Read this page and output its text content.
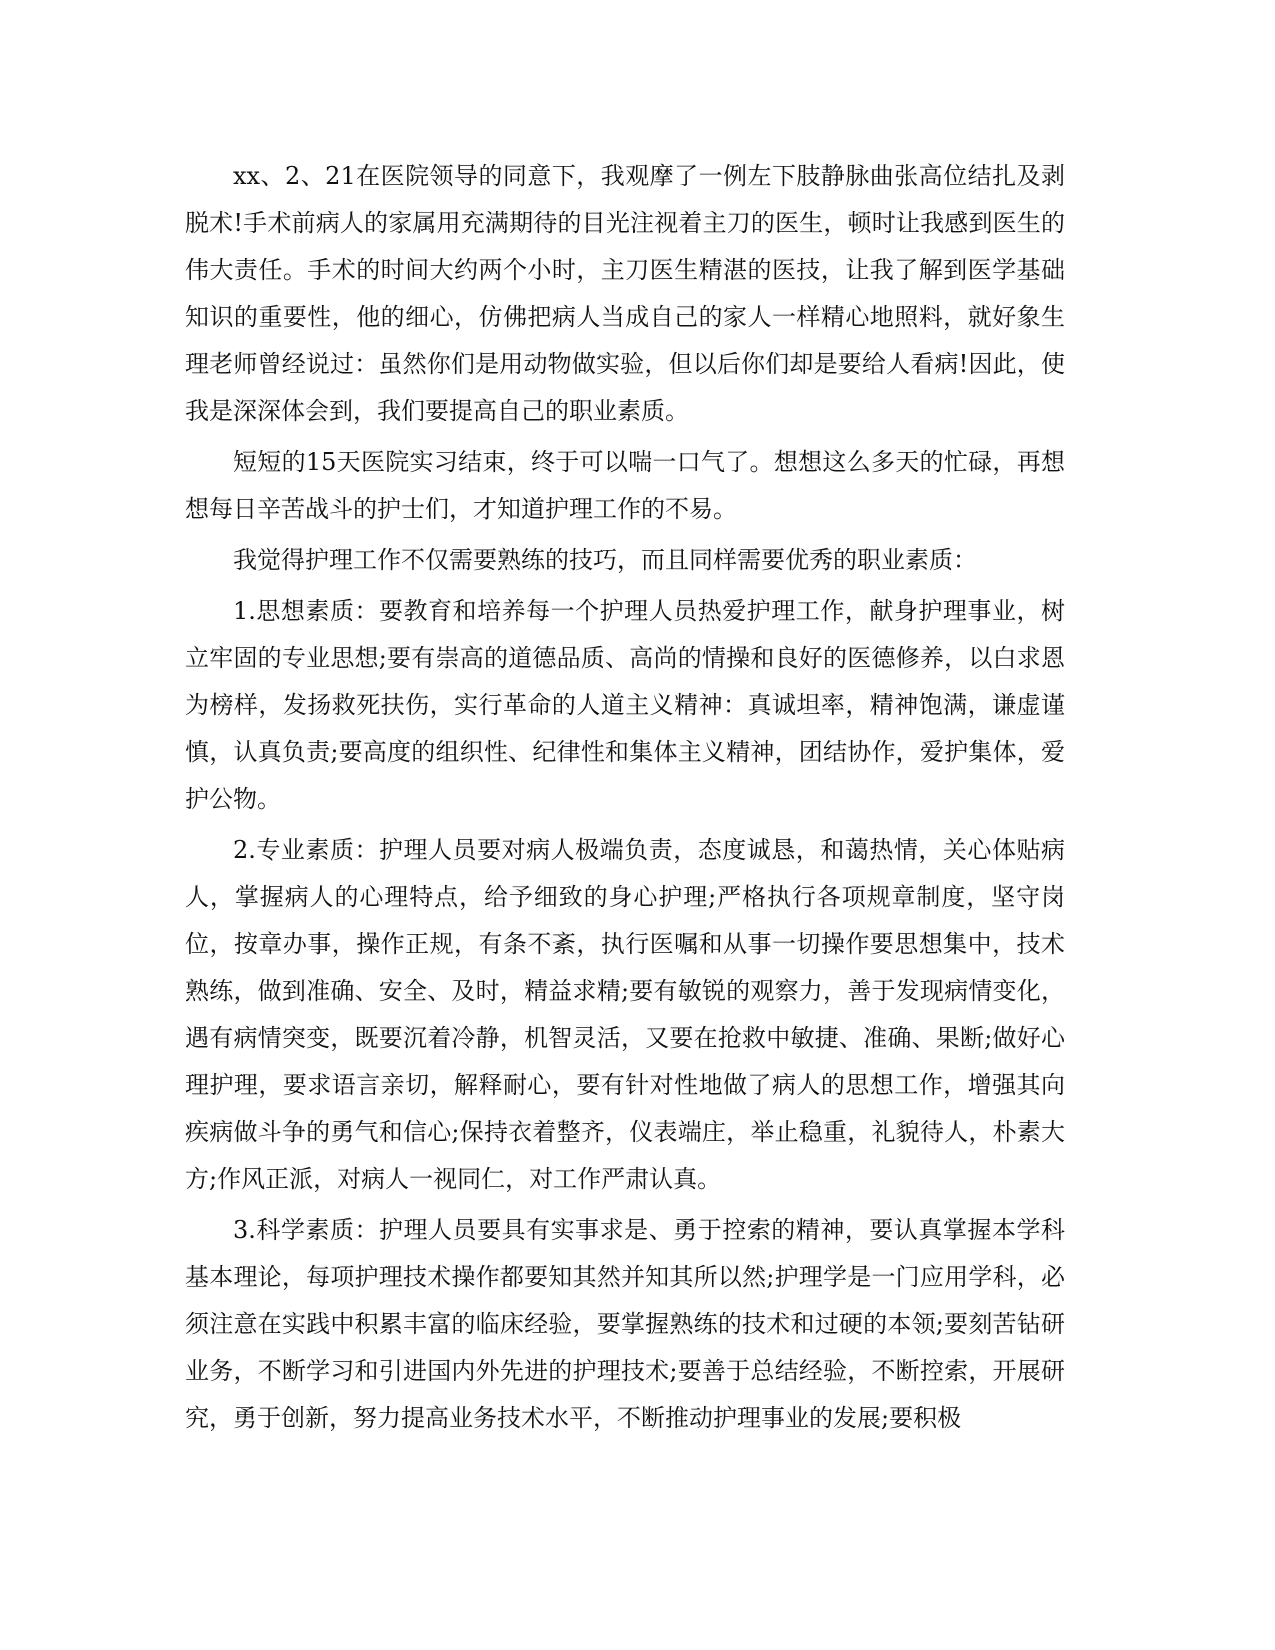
xx、2、21在医院领导的同意下，我观摩了一例左下肢静脉曲张高位结扎及剥脱术!手术前病人的家属用充满期待的目光注视着主刀的医生，顿时让我感到医生的伟大责任。手术的时间大约两个小时，主刀医生精湛的医技，让我了解到医学基础知识的重要性，他的细心，仿佛把病人当成自己的家人一样精心地照料，就好象生理老师曾经说过：虽然你们是用动物做实验，但以后你们却是要给人看病!因此，使我是深深体会到，我们要提高自己的职业素质。

短短的15天医院实习结束，终于可以喘一口气了。想想这么多天的忙碌，再想想每日辛苦战斗的护士们，才知道护理工作的不易。

我觉得护理工作不仅需要熟练的技巧，而且同样需要优秀的职业素质：

1.思想素质：要教育和培养每一个护理人员热爱护理工作，献身护理事业，树立牢固的专业思想;要有崇高的道德品质、高尚的情操和良好的医德修养，以白求恩为榜样，发扬救死扶伤，实行革命的人道主义精神：真诚坦率，精神饱满，谦虚谨慎，认真负责;要高度的组织性、纪律性和集体主义精神，团结协作，爱护集体，爱护公物。

2.专业素质：护理人员要对病人极端负责，态度诚恳，和蔼热情，关心体贴病人，掌握病人的心理特点，给予细致的身心护理;严格执行各项规章制度，坚守岗位，按章办事，操作正规，有条不紊，执行医嘱和从事一切操作要思想集中，技术熟练，做到准确、安全、及时，精益求精;要有敏锐的观察力，善于发现病情变化，遇有病情突变，既要沉着冷静，机智灵活，又要在抢救中敏捷、准确、果断;做好心理护理，要求语言亲切，解释耐心，要有针对性地做了病人的思想工作，增强其向疾病做斗争的勇气和信心;保持衣着整齐，仪表端庄，举止稳重，礼貌待人，朴素大方;作风正派，对病人一视同仁，对工作严肃认真。

3.科学素质：护理人员要具有实事求是、勇于控索的精神，要认真掌握本学科基本理论，每项护理技术操作都要知其然并知其所以然;护理学是一门应用学科，必须注意在实践中积累丰富的临床经验，要掌握熟练的技术和过硬的本领;要刻苦钻研业务，不断学习和引进国内外先进的护理技术;要善于总结经验，不断控索，开展研究，勇于创新，努力提高业务技术水平，不断推动护理事业的发展;要积极
